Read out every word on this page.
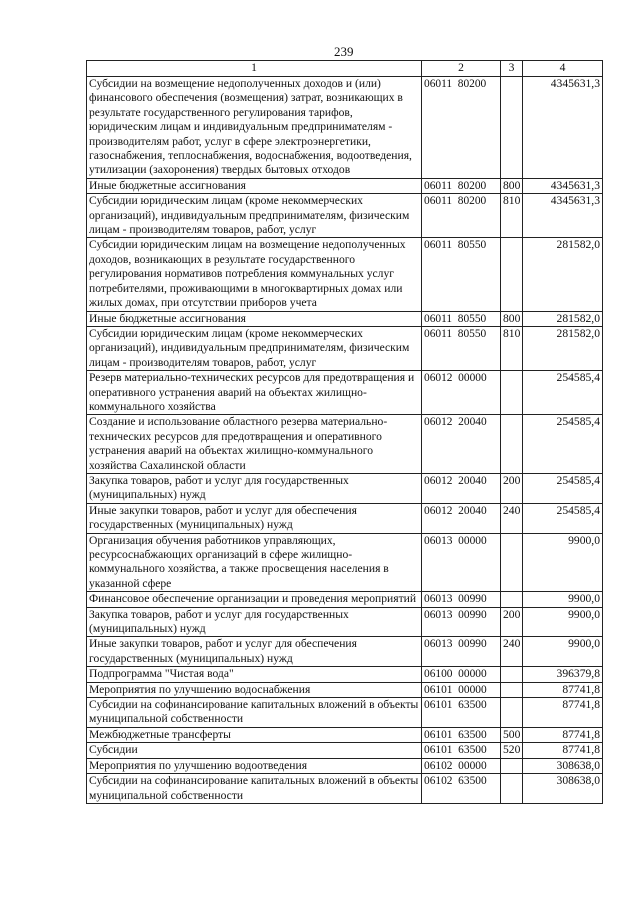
239
1	2	3	4
Субсидии на возмещение недополученных доходов и (или) финансового обеспечения (возмещения) затрат, возникающих в результате государственного регулирования тарифов, юридическим лицам и индивидуальным предпринимателям - производителям работ, услуг в сфере электроэнергетики, газоснабжения, теплоснабжения, водоснабжения, водоотведения, утилизации (захоронения) твердых бытовых отходов	06011  80200		4345631,3
Иные бюджетные ассигнования	06011  80200	800	4345631,3
Субсидии юридическим лицам (кроме некоммерческих организаций), индивидуальным предпринимателям, физическим лицам - производителям товаров, работ, услуг	06011  80200	810	4345631,3
Субсидии юридическим лицам на возмещение недополученных доходов, возникающих в результате государственного регулирования нормативов потребления коммунальных услуг потребителями, проживающими в многоквартирных домах или жилых домах, при отсутствии приборов учета	06011  80550		281582,0
Иные бюджетные ассигнования	06011  80550	800	281582,0
Субсидии юридическим лицам (кроме некоммерческих организаций), индивидуальным предпринимателям, физическим лицам - производителям товаров, работ, услуг	06011  80550	810	281582,0
Резерв материально-технических ресурсов для предотвращения и оперативного устранения аварий на объектах жилищно-коммунального хозяйства	06012  00000		254585,4
Создание и использование областного резерва материально-технических ресурсов для предотвращения и оперативного устранения аварий на объектах жилищно-коммунального хозяйства Сахалинской области	06012  20040		254585,4
Закупка товаров, работ и услуг для государственных (муниципальных) нужд	06012  20040	200	254585,4
Иные закупки товаров, работ и услуг для обеспечения государственных (муниципальных) нужд	06012  20040	240	254585,4
Организация обучения работников управляющих, ресурсоснабжающих организаций в сфере жилищно-коммунального хозяйства, а также просвещения населения в указанной сфере	06013  00000		9900,0
Финансовое обеспечение организации и проведения мероприятий	06013  00990		9900,0
Закупка товаров, работ и услуг для государственных (муниципальных) нужд	06013  00990	200	9900,0
Иные закупки товаров, работ и услуг для обеспечения государственных (муниципальных) нужд	06013  00990	240	9900,0
Подпрограмма "Чистая вода"	06100  00000		396379,8
Мероприятия по улучшению водоснабжения	06101  00000		87741,8
Субсидии на софинансирование капитальных вложений в объекты муниципальной собственности	06101  63500		87741,8
Межбюджетные трансферты	06101  63500	500	87741,8
Субсидии	06101  63500	520	87741,8
Мероприятия по улучшению водоотведения	06102  00000		308638,0
Субсидии на софинансирование капитальных вложений в объекты муниципальной собственности	06102  63500		308638,0
